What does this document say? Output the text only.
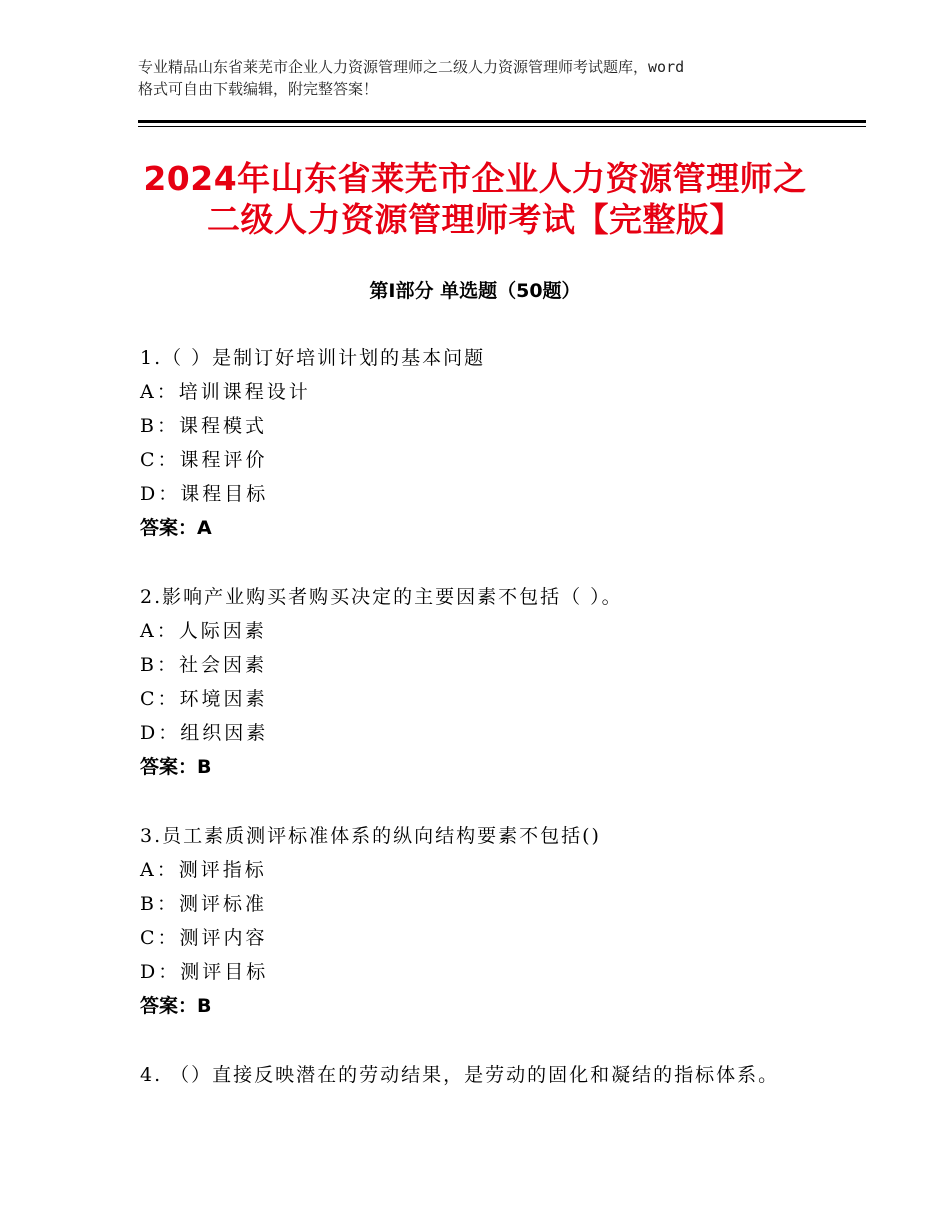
专业精品山东省莱芜市企业人力资源管理师之二级人力资源管理师考试题库，word
格式可自由下载编辑，附完整答案！
2024年山东省莱芜市企业人力资源管理师之
二级人力资源管理师考试【完整版】
第Ⅰ部分 单选题（50题）
1.（ ）是制订好培训计划的基本问题
A：培训课程设计
B：课程模式
C：课程评价
D：课程目标
答案：A
2.影响产业购买者购买决定的主要因素不包括（ ）。
A：人际因素
B：社会因素
C：环境因素
D：组织因素
答案：B
3.员工素质测评标准体系的纵向结构要素不包括()
A：测评指标
B：测评标准
C：测评内容
D：测评目标
答案：B
4. （）直接反映潜在的劳动结果，是劳动的固化和凝结的指标体系。
